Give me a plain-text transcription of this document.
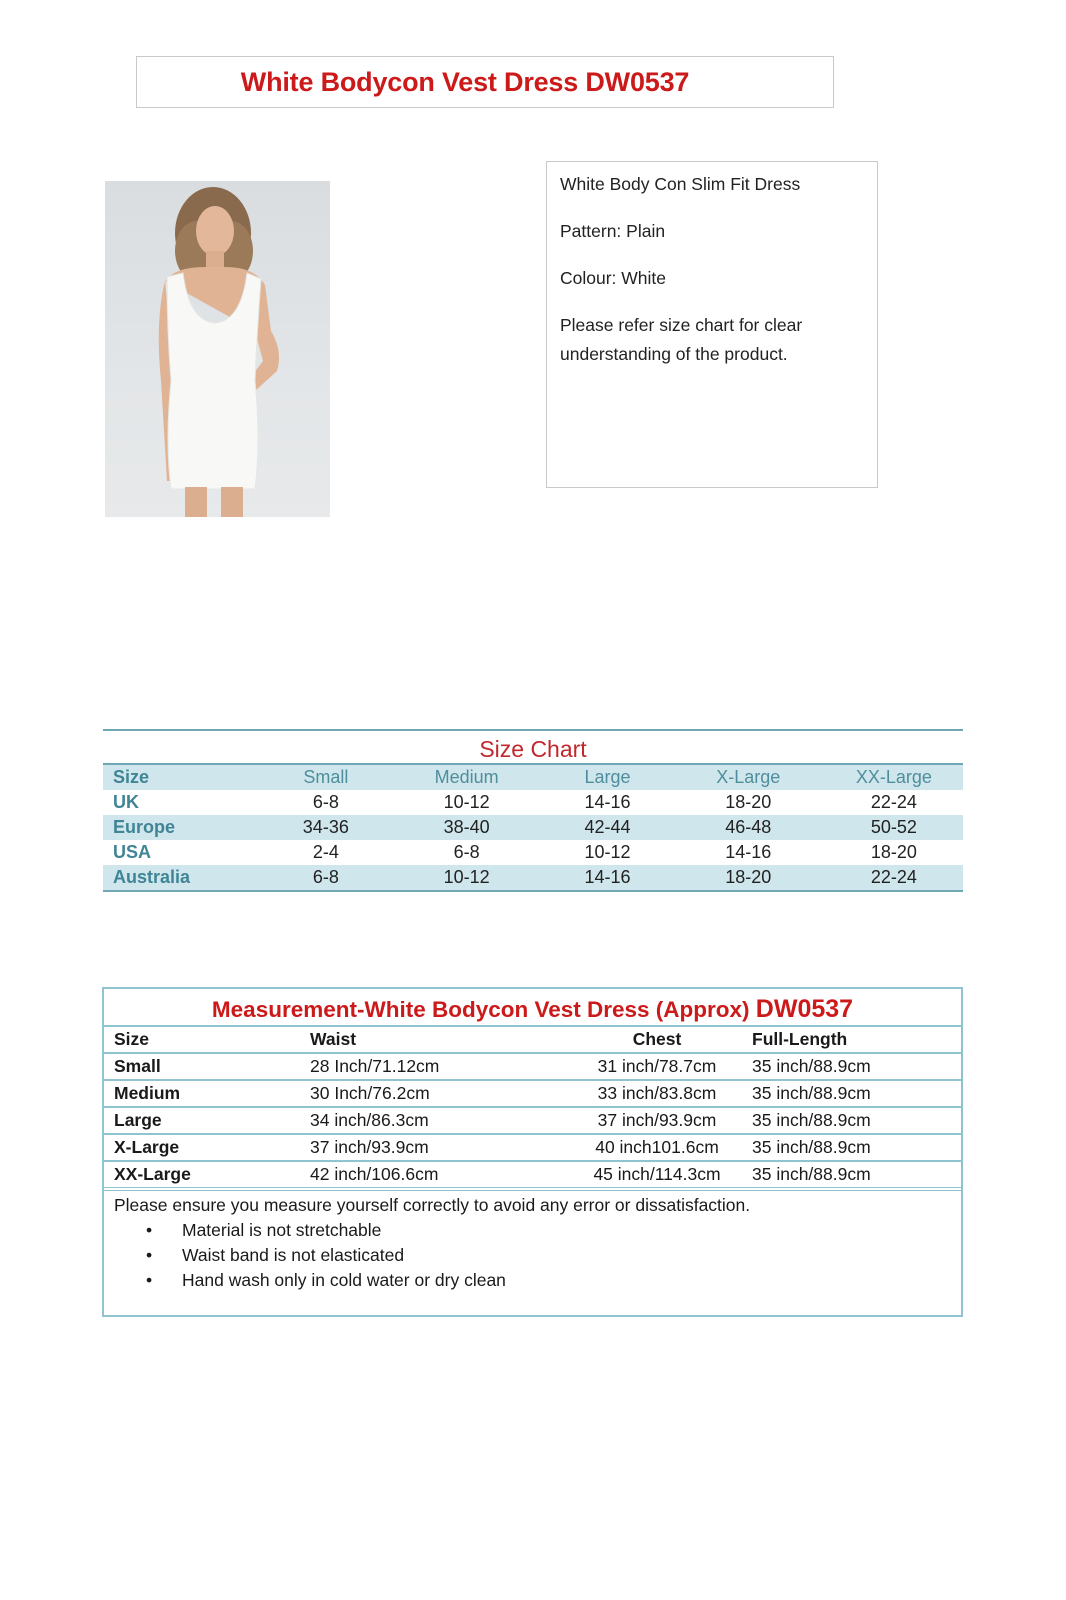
White Bodycon Vest Dress DW0537

White Body Con Slim Fit Dress

Pattern: Plain

Colour: White

Please refer size chart for clear understanding of the product.

Size Chart
Size	Small	Medium	Large	X-Large	XX-Large
UK	6-8	10-12	14-16	18-20	22-24
Europe	34-36	38-40	42-44	46-48	50-52
USA	2-4	6-8	10-12	14-16	18-20
Australia	6-8	10-12	14-16	18-20	22-24
Measurement-White Bodycon Vest Dress (Approx) DW0537
Size	Waist	Chest	Full-Length
Small	28 Inch/71.12cm	31 inch/78.7cm	35 inch/88.9cm
Medium	30 Inch/76.2cm	33 inch/83.8cm	35 inch/88.9cm
Large	34 inch/86.3cm	37 inch/93.9cm	35 inch/88.9cm
X-Large	37 inch/93.9cm	40 inch101.6cm	35 inch/88.9cm
XX-Large	42 inch/106.6cm	45 inch/114.3cm	35 inch/88.9cm
Please ensure you measure yourself correctly to avoid any error or dissatisfaction.
• Material is not stretchable
• Waist band is not elasticated
• Hand wash only in cold water or dry clean
